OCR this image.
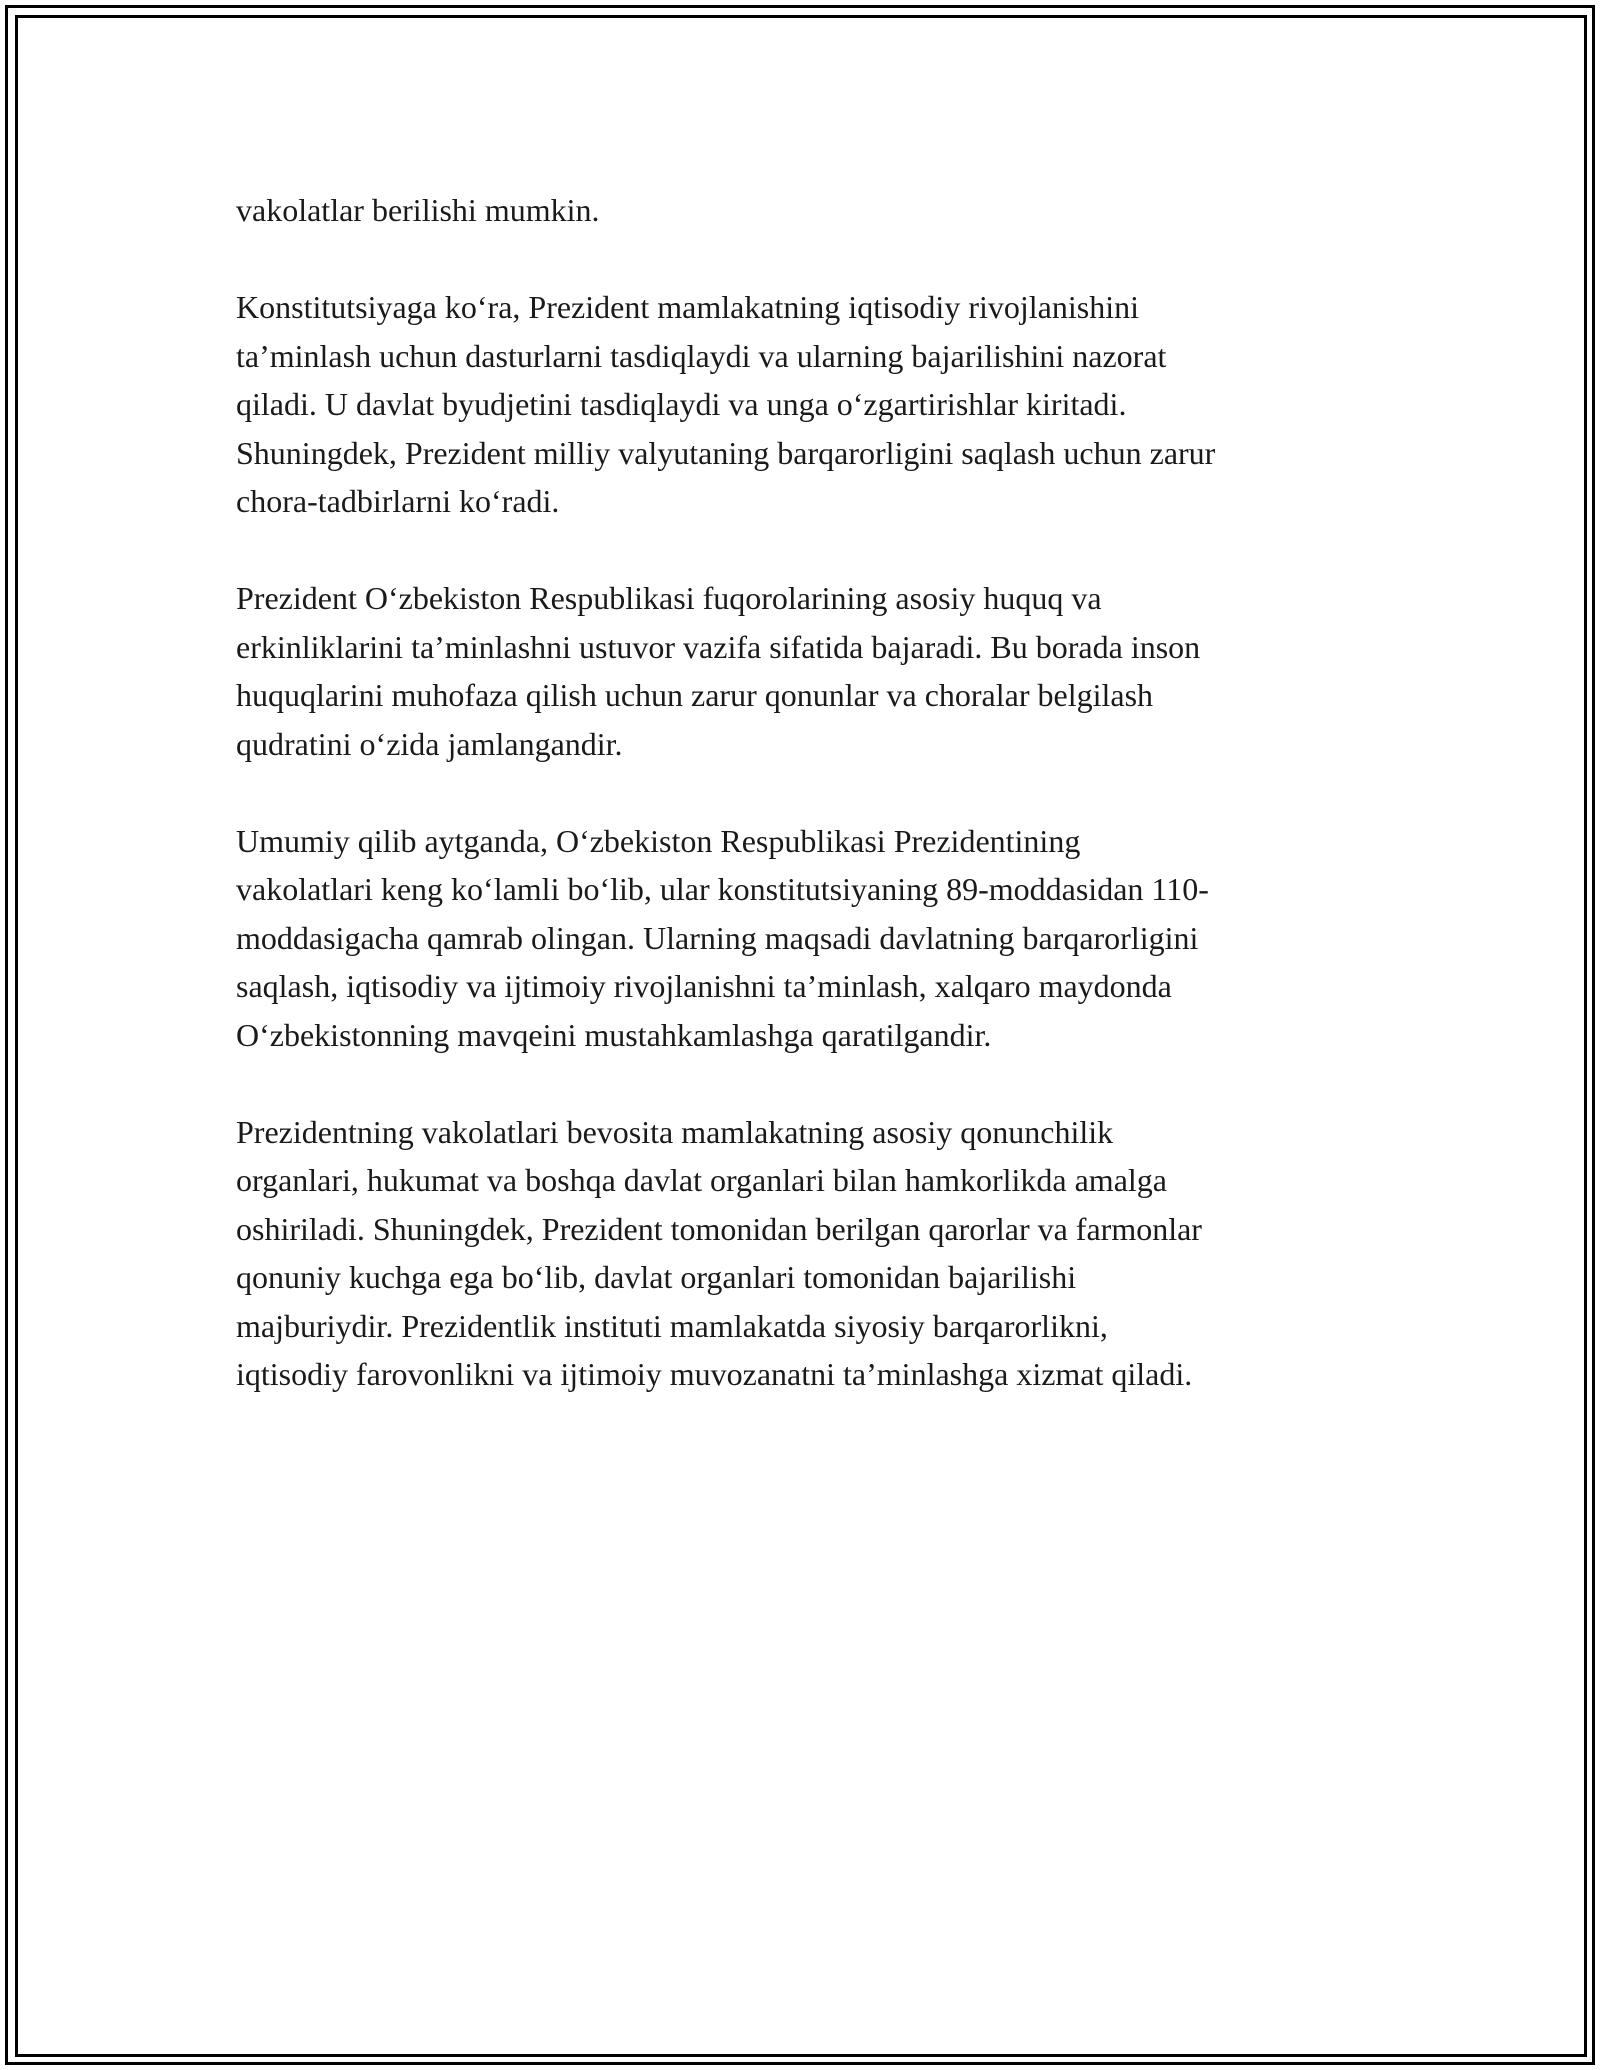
vakolatlar berilishi mumkin.

Konstitutsiyaga ko‘ra, Prezident mamlakatning iqtisodiy rivojlanishini
ta’minlash uchun dasturlarni tasdiqlaydi va ularning bajarilishini nazorat
qiladi. U davlat byudjetini tasdiqlaydi va unga o‘zgartirishlar kiritadi.
Shuningdek, Prezident milliy valyutaning barqarorligini saqlash uchun zarur
chora-tadbirlarni ko‘radi.

Prezident O‘zbekiston Respublikasi fuqorolarining asosiy huquq va
erkinliklarini ta’minlashni ustuvor vazifa sifatida bajaradi. Bu borada inson
huquqlarini muhofaza qilish uchun zarur qonunlar va choralar belgilash
qudratini o‘zida jamlangandir.

Umumiy qilib aytganda, O‘zbekiston Respublikasi Prezidentining
vakolatlari keng ko‘lamli bo‘lib, ular konstitutsiyaning 89-moddasidan 110-
moddasigacha qamrab olingan. Ularning maqsadi davlatning barqarorligini
saqlash, iqtisodiy va ijtimoiy rivojlanishni ta’minlash, xalqaro maydonda
O‘zbekistonning mavqeini mustahkamlashga qaratilgandir.

Prezidentning vakolatlari bevosita mamlakatning asosiy qonunchilik
organlari, hukumat va boshqa davlat organlari bilan hamkorlikda amalga
oshiriladi. Shuningdek, Prezident tomonidan berilgan qarorlar va farmonlar
qonuniy kuchga ega bo‘lib, davlat organlari tomonidan bajarilishi
majburiydir. Prezidentlik instituti mamlakatda siyosiy barqarorlikni,
iqtisodiy farovonlikni va ijtimoiy muvozanatni ta’minlashga xizmat qiladi.
